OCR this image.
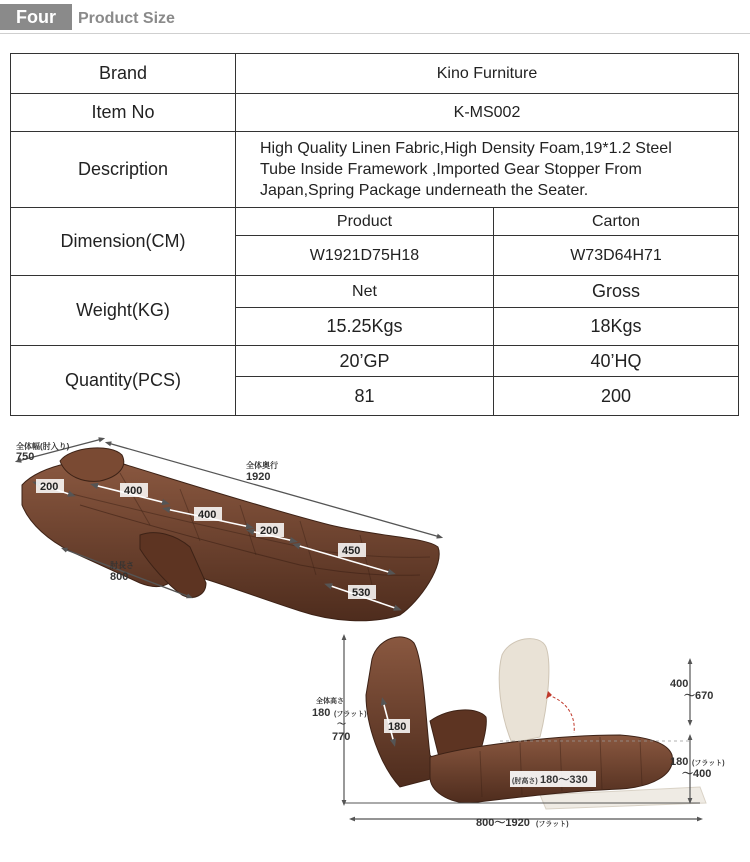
Four	Product Size
Brand	Kino Furniture	
Item No	K-MS002	
Description	High Quality Linen Fabric,High Density Foam,19*1.2 Steel
Tube Inside Framework ,Imported Gear Stopper From
Japan,Spring Package underneath the Seater.	

Dimension(CM)	Product	Carton
	W1921D75H18	W73D64H71
Weight(KG)	Net	Gross
	15.25Kgs	18Kgs
Quantity(PCS)	20’GP	40’HQ
	81	200
全体幅(肘入り)
750
全体奥行
1920
肘長さ
800
200	400
400
200
450
530
全体高さ
180 (フラット)
〜
770
180
400
〜670
180 (フラット)
〜400
(肘高さ) 180〜330
800〜1920 (フラット)
